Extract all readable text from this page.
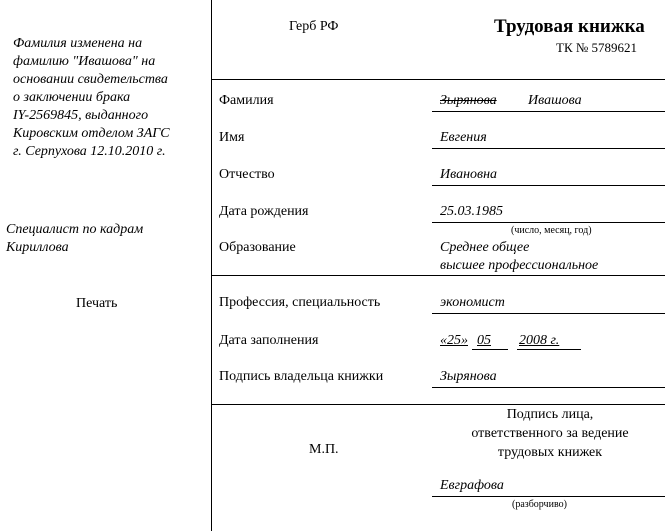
Фамилия изменена на
фамилию "Ивашова" на
основании свидетельства
о заключении брака
IY-2569845, выданного
Кировским отделом ЗАГС
г. Серпухова 12.10.2010 г.
Специалист по кадрам
Кириллова
Печать
Герб РФ	Трудовая книжка
ТК № 5789621
Фамилия	Зырянова Ивашова
Имя	Евгения
Отчество	Ивановна
Дата рождения	25.03.1985
(число, месяц, год)
Образование	Среднее общее
высшее профессиональное
Профессия, специальность	экономист
Дата заполнения	«25» 05 2008 г.
Подпись владельца книжки	Зырянова
М.П.
Подпись лица,
ответственного за ведение
трудовых книжек
Евграфова
(разборчиво)
